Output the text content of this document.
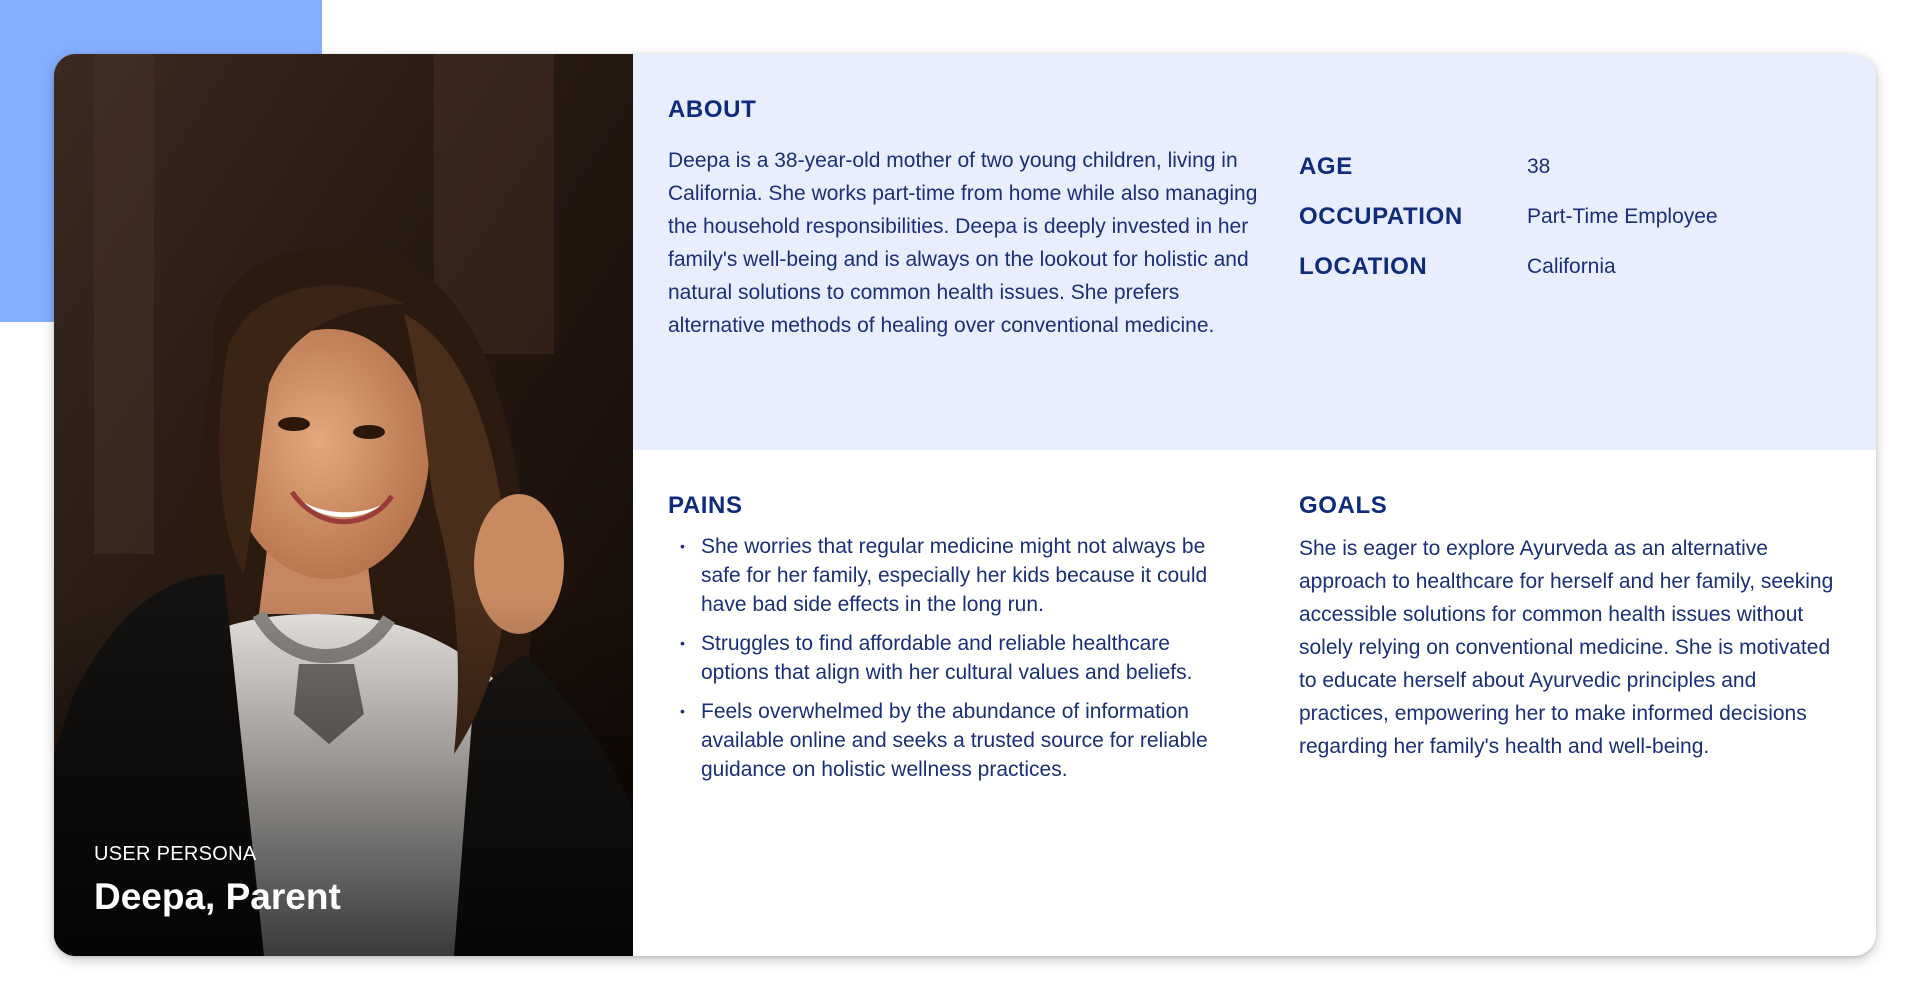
USER PERSONA
Deepa, Parent
ABOUT
Deepa is a 38-year-old mother of two young children, living in California. She works part-time from home while also managing the household responsibilities. Deepa is deeply invested in her family's well-being and is always on the lookout for holistic and natural solutions to common health issues. She prefers alternative methods of healing over conventional medicine.
AGE	38
OCCUPATION	Part-Time Employee
LOCATION	California
PAINS
• She worries that regular medicine might not always be safe for her family, especially her kids because it could have bad side effects in the long run.
• Struggles to find affordable and reliable healthcare options that align with her cultural values and beliefs.
• Feels overwhelmed by the abundance of information available online and seeks a trusted source for reliable guidance on holistic wellness practices.
GOALS
She is eager to explore Ayurveda as an alternative approach to healthcare for herself and her family, seeking accessible solutions for common health issues without solely relying on conventional medicine. She is motivated to educate herself about Ayurvedic principles and practices, empowering her to make informed decisions regarding her family's health and well-being.
